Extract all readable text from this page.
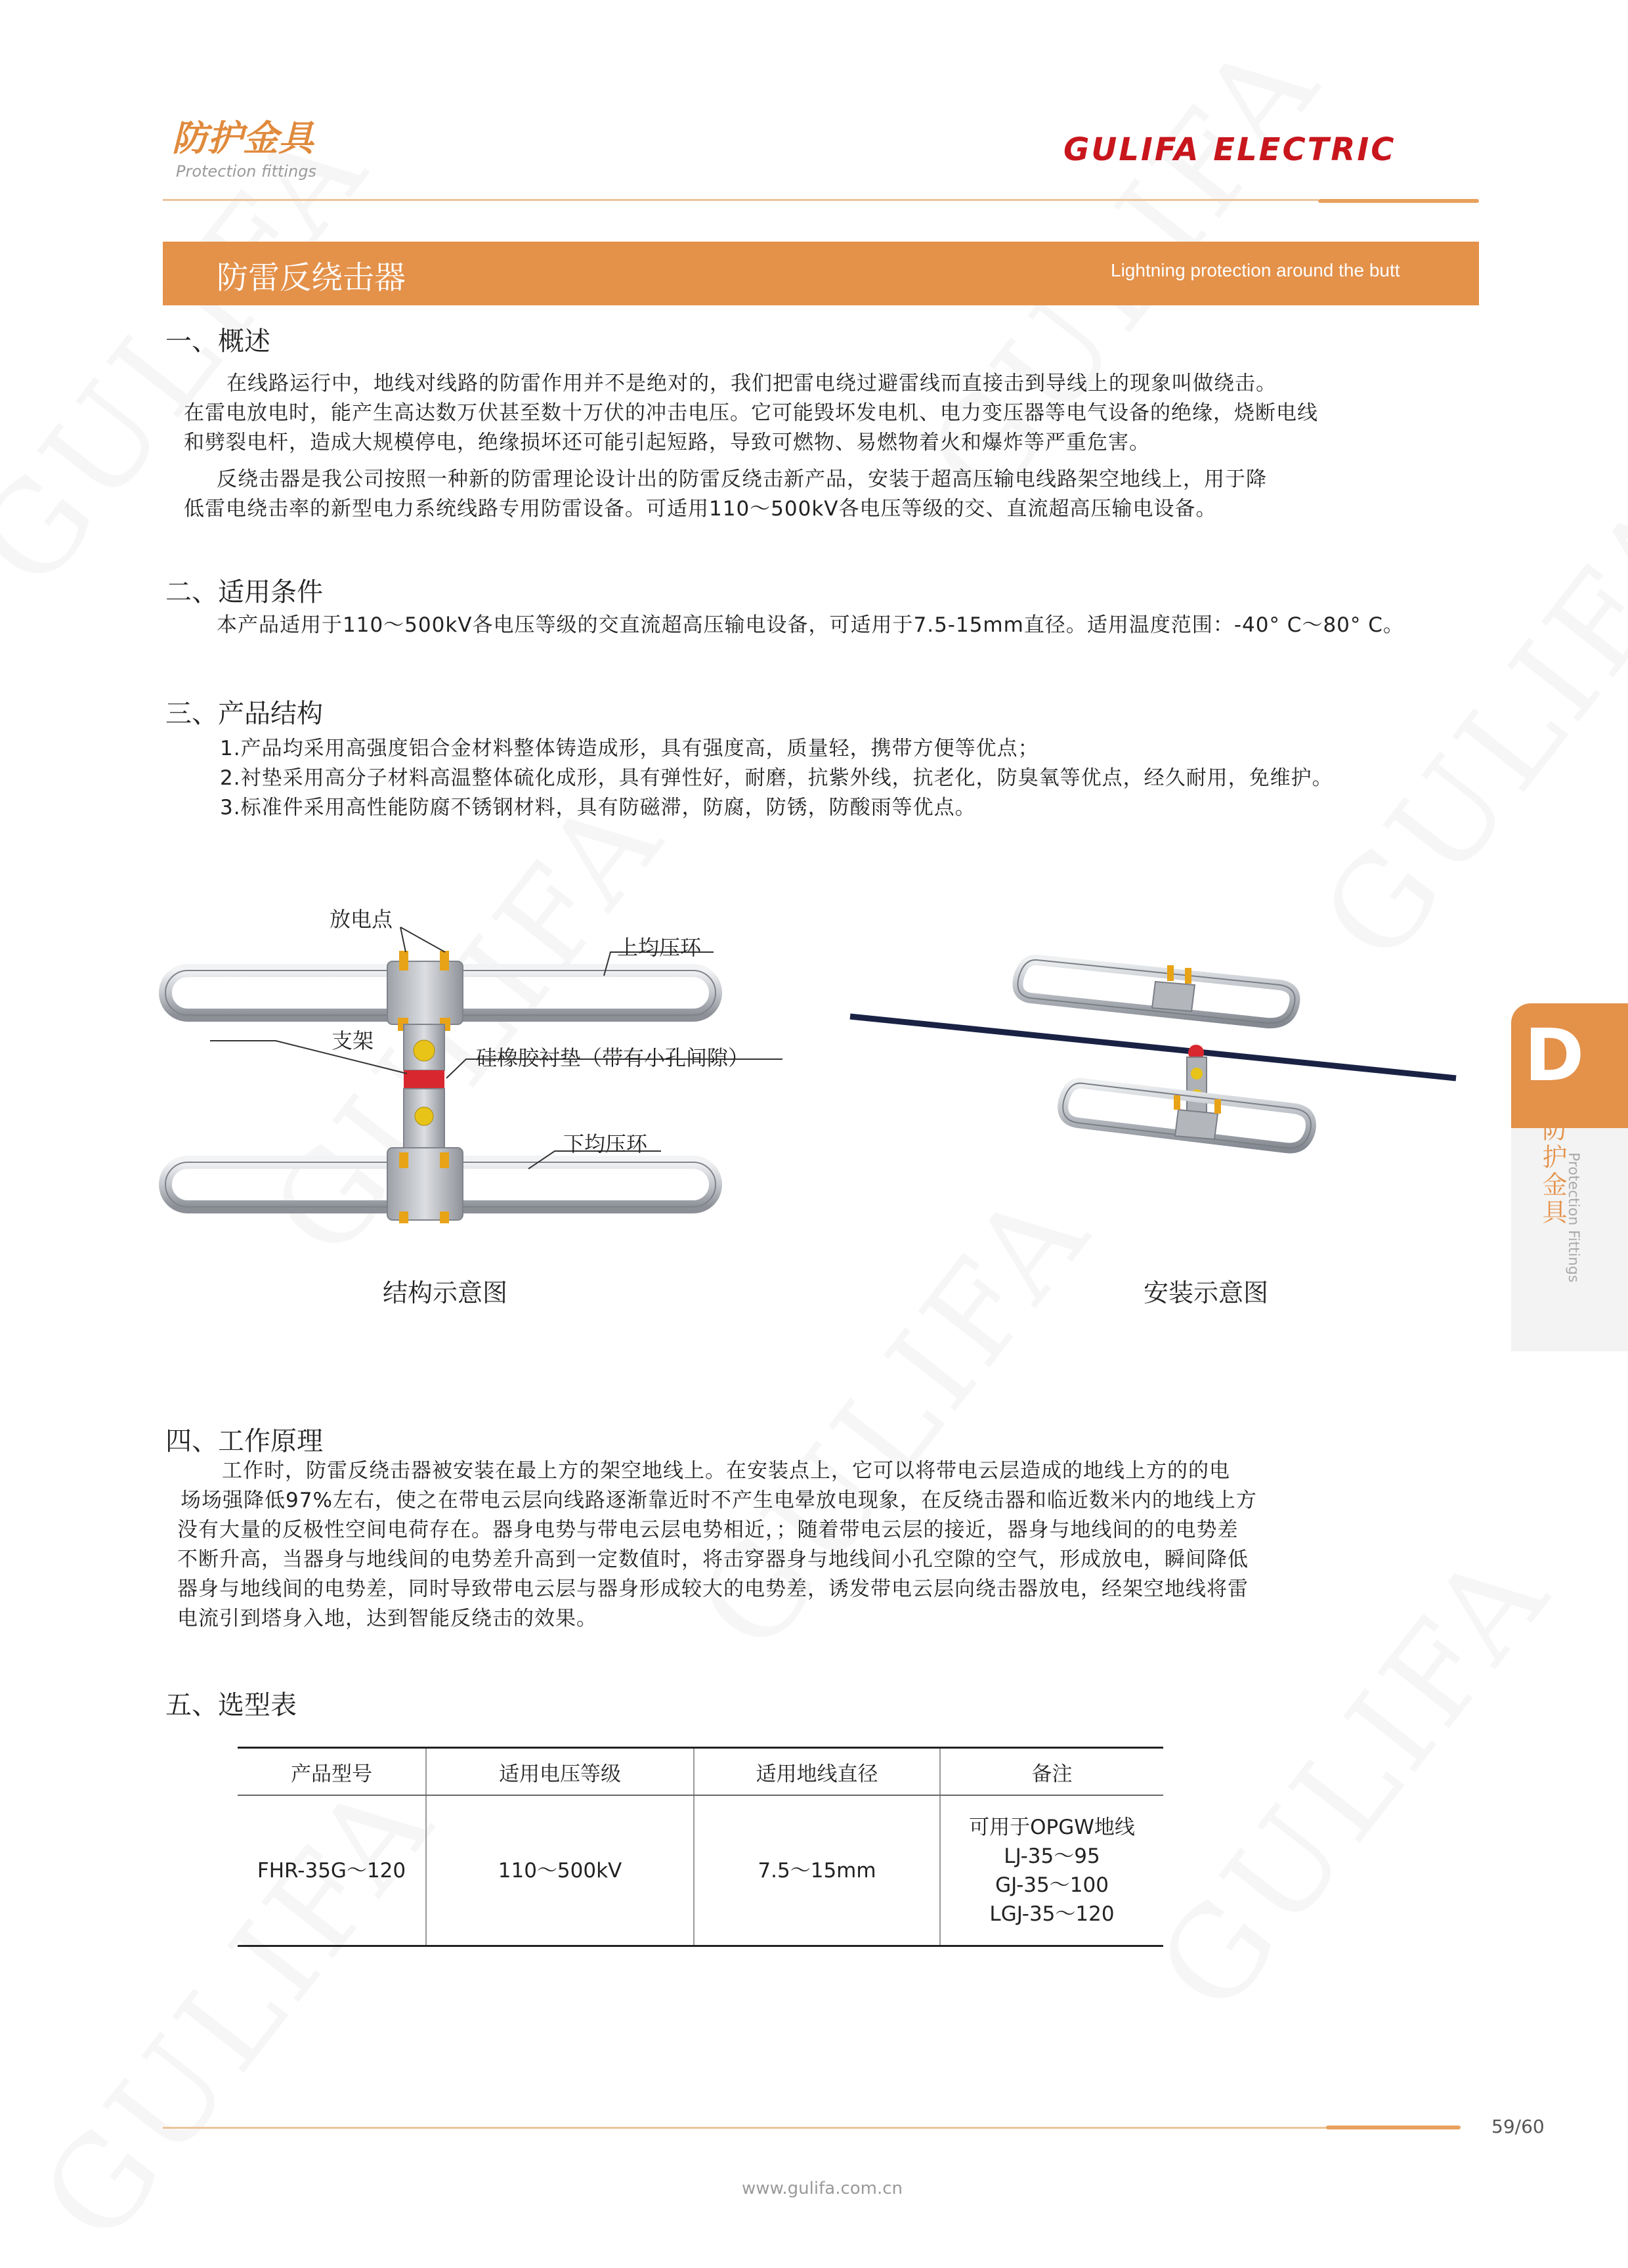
防护金具
Protection fittings
GULIFA ELECTRIC
防雷反绕击器	Lightning protection around the butt
一、概述
在线路运行中，地线对线路的防雷作用并不是绝对的，我们把雷电绕过避雷线而直接击到导线上的现象叫做绕击。
在雷电放电时，能产生高达数万伏甚至数十万伏的冲击电压。它可能毁坏发电机、电力变压器等电气设备的绝缘，烧断电线
和劈裂电杆，造成大规模停电，绝缘损坏还可能引起短路，导致可燃物、易燃物着火和爆炸等严重危害。
反绕击器是我公司按照一种新的防雷理论设计出的防雷反绕击新产品，安装于超高压输电线路架空地线上，用于降
低雷电绕击率的新型电力系统线路专用防雷设备。可适用110～500kV各电压等级的交、直流超高压输电设备。
二、适用条件
本产品适用于110～500kV各电压等级的交直流超高压输电设备，可适用于7.5-15mm直径。适用温度范围：-40° C～80° C。
三、产品结构
1.产品均采用高强度铝合金材料整体铸造成形，具有强度高，质量轻，携带方便等优点；
2.衬垫采用高分子材料高温整体硫化成形，具有弹性好，耐磨，抗紫外线，抗老化，防臭氧等优点，经久耐用，免维护。
3.标准件采用高性能防腐不锈钢材料，具有防磁滞，防腐，防锈，防酸雨等优点。
放电点
上均压环
支架
硅橡胶衬垫（带有小孔间隙）
下均压环
结构示意图	安装示意图
D
防护金具
Protection Fittings
四、工作原理
工作时，防雷反绕击器被安装在最上方的架空地线上。在安装点上，它可以将带电云层造成的地线上方的的电
场场强降低97%左右，使之在带电云层向线路逐渐靠近时不产生电晕放电现象，在反绕击器和临近数米内的地线上方
没有大量的反极性空间电荷存在。器身电势与带电云层电势相近，；随着带电云层的接近，器身与地线间的的电势差
不断升高，当器身与地线间的电势差升高到一定数值时，将击穿器身与地线间小孔空隙的空气，形成放电，瞬间降低
器身与地线间的电势差，同时导致带电云层与器身形成较大的电势差，诱发带电云层向绕击器放电，经架空地线将雷
电流引到塔身入地，达到智能反绕击的效果。
五、选型表
产品型号	适用电压等级	适用地线直径	备注
FHR-35G～120	110～500kV	7.5～15mm	可用于OPGW地线
LJ-35～95
GJ-35～100
LGJ-35～120
59/60
www.gulifa.com.cn
